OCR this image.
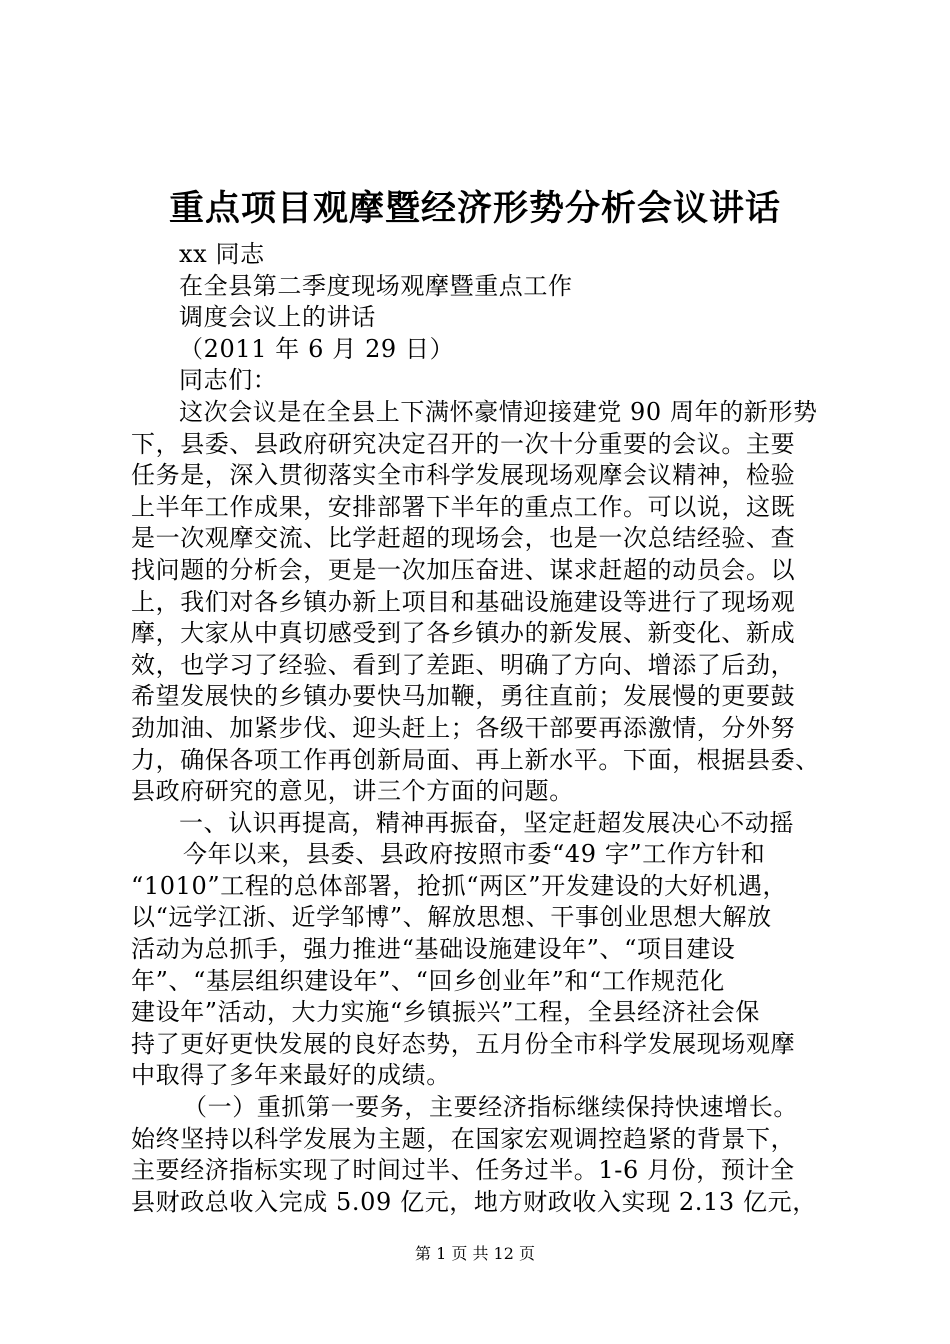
重点项目观摩暨经济形势分析会议讲话
xx 同志
在全县第二季度现场观摩暨重点工作
调度会议上的讲话
（2011 年 6 月 29 日）
同志们：
这次会议是在全县上下满怀豪情迎接建党 90 周年的新形势
下，县委、县政府研究决定召开的一次十分重要的会议。主要
任务是，深入贯彻落实全市科学发展现场观摩会议精神，检验
上半年工作成果，安排部署下半年的重点工作。可以说，这既
是一次观摩交流、比学赶超的现场会，也是一次总结经验、查
找问题的分析会，更是一次加压奋进、谋求赶超的动员会。以
上，我们对各乡镇办新上项目和基础设施建设等进行了现场观
摩，大家从中真切感受到了各乡镇办的新发展、新变化、新成
效，也学习了经验、看到了差距、明确了方向、增添了后劲，
希望发展快的乡镇办要快马加鞭，勇往直前；发展慢的更要鼓
劲加油、加紧步伐、迎头赶上；各级干部要再添激情，分外努
力，确保各项工作再创新局面、再上新水平。下面，根据县委、
县政府研究的意见，讲三个方面的问题。
一、认识再提高，精神再振奋，坚定赶超发展决心不动摇
今年以来，县委、县政府按照市委“49 字”工作方针和
“1010”工程的总体部署，抢抓“两区”开发建设的大好机遇，
以“远学江浙、近学邹博”、解放思想、干事创业思想大解放
活动为总抓手，强力推进“基础设施建设年”、“项目建设
年”、“基层组织建设年”、“回乡创业年”和“工作规范化
建设年”活动，大力实施“乡镇振兴”工程，全县经济社会保
持了更好更快发展的良好态势，五月份全市科学发展现场观摩
中取得了多年来最好的成绩。
（一）重抓第一要务，主要经济指标继续保持快速增长。
始终坚持以科学发展为主题，在国家宏观调控趋紧的背景下，
主要经济指标实现了时间过半、任务过半。1-6 月份，预计全
县财政总收入完成 5.09 亿元，地方财政收入实现 2.13 亿元，
第 1 页 共 12 页
